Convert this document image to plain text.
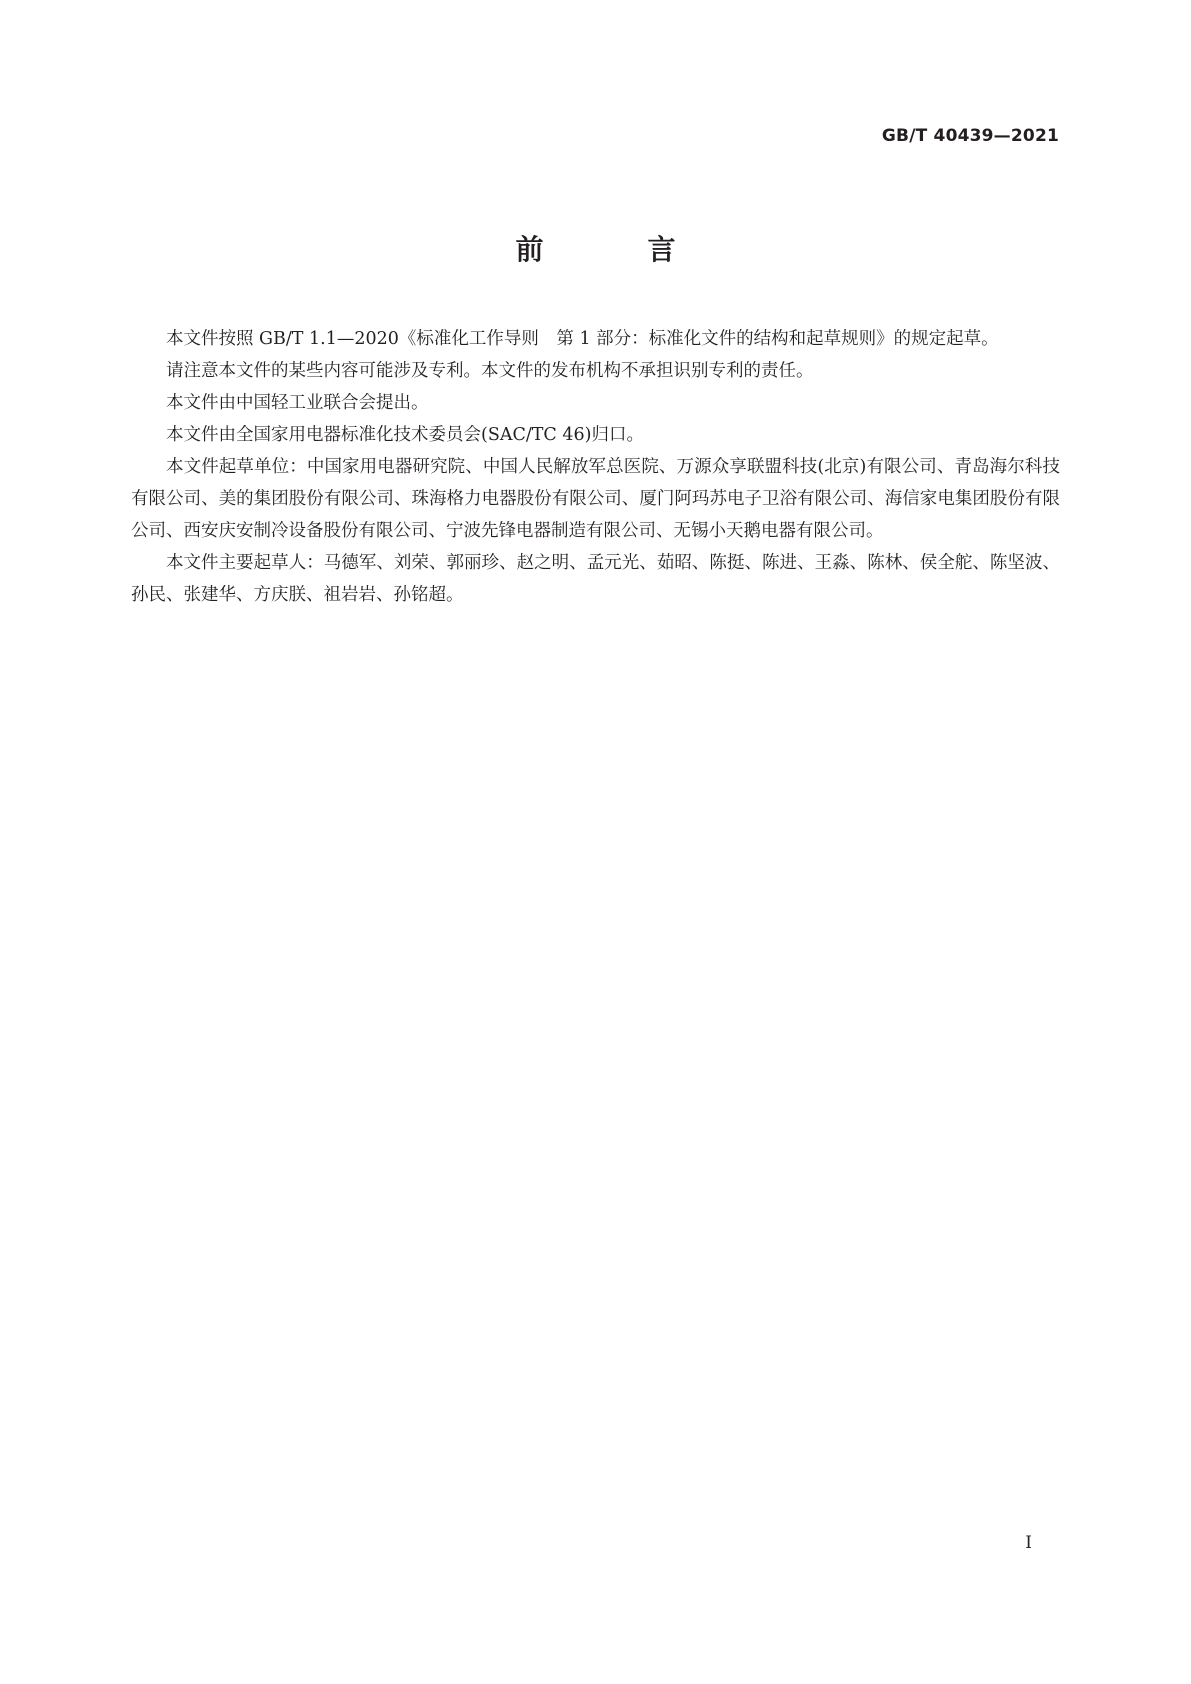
GB/T 40439—2021
前　言

本文件按照 GB/T 1.1—2020《标准化工作导则　第 1 部分：标准化文件的结构和起草规则》的规定起草。

请注意本文件的某些内容可能涉及专利。本文件的发布机构不承担识别专利的责任。

本文件由中国轻工业联合会提出。

本文件由全国家用电器标准化技术委员会(SAC/TC 46)归口。

本文件起草单位：中国家用电器研究院、中国人民解放军总医院、万源众享联盟科技(北京)有限公司、青岛海尔科技有限公司、美的集团股份有限公司、珠海格力电器股份有限公司、厦门阿玛苏电子卫浴有限公司、海信家电集团股份有限公司、西安庆安制冷设备股份有限公司、宁波先锋电器制造有限公司、无锡小天鹅电器有限公司。

本文件主要起草人：马德军、刘荣、郭丽珍、赵之明、孟元光、茹昭、陈挺、陈进、王淼、陈林、侯全舵、陈坚波、孙民、张建华、方庆朕、祖岩岩、孙铭超。

I
